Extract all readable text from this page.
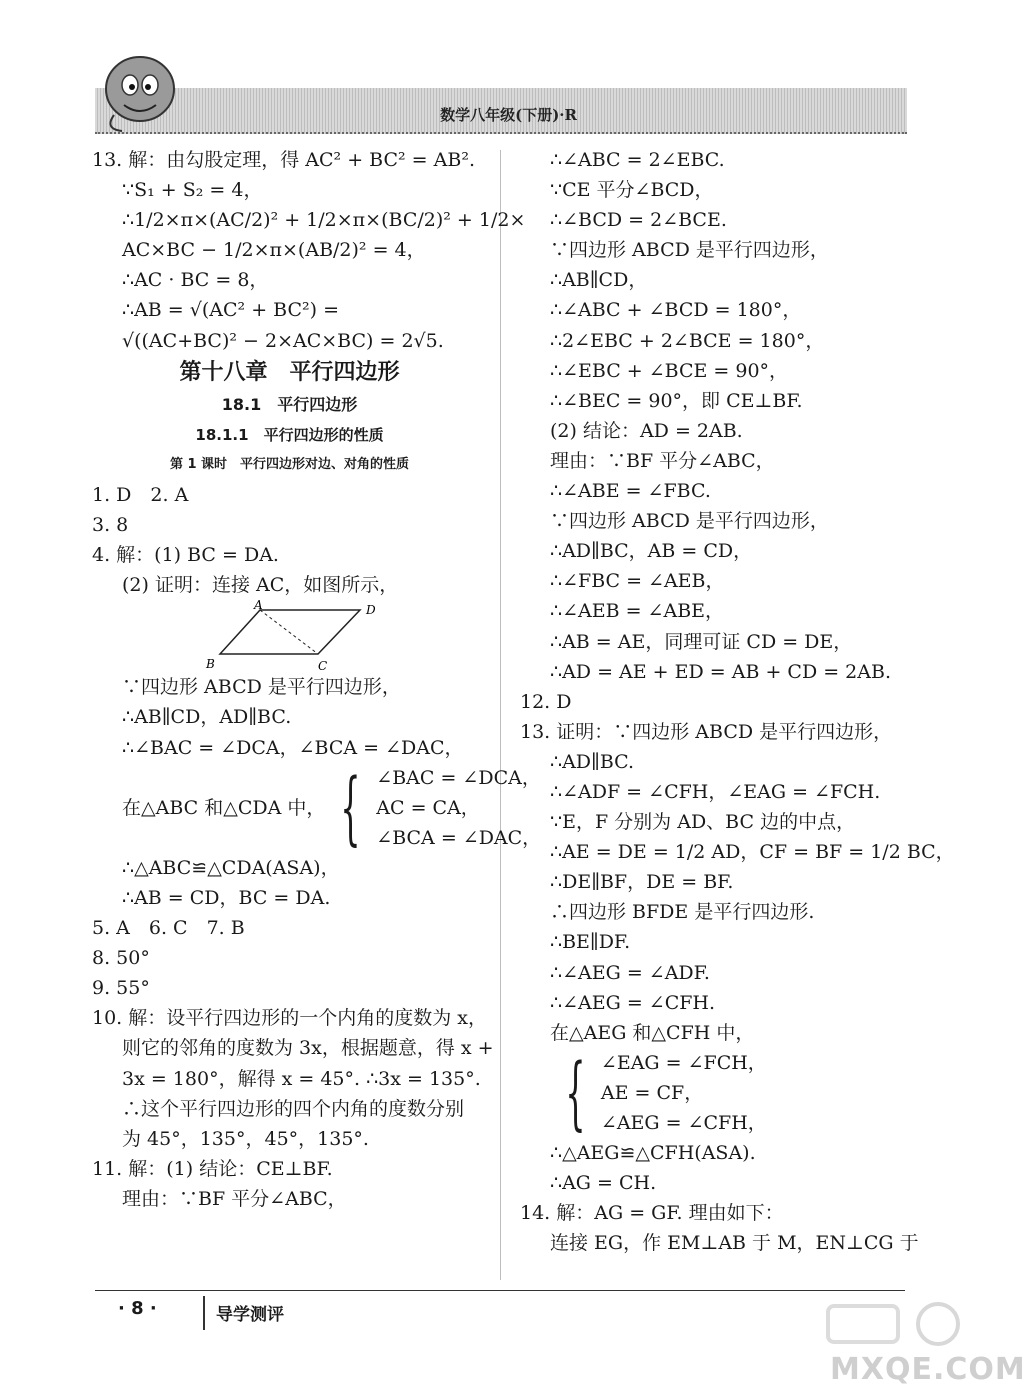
数学八年级(下册)·R
13. 解：由勾股定理，得 AC² + BC² = AB².
∵S₁ + S₂ = 4，
∴1/2×π×(AC/2)² + 1/2×π×(BC/2)² + 1/2×
AC×BC − 1/2×π×(AB/2)² = 4，
∴AC · BC = 8，
∴AB = √(AC² + BC²) =
√((AC+BC)² − 2×AC×BC) = 2√5.
第十八章　平行四边形
18.1　平行四边形
18.1.1　平行四边形的性质
第 1 课时　平行四边形对边、对角的性质
1. D　2. A
3. 8
4. 解：(1) BC = DA.
(2) 证明：连接 AC，如图所示，
A	D
B	C
∵四边形 ABCD 是平行四边形，
∴AB∥CD，AD∥BC.
∴∠BAC = ∠DCA，∠BCA = ∠DAC，
在△ABC 和△CDA 中， { ∠BAC = ∠DCA，
AC = CA，
∠BCA = ∠DAC，
∴△ABC≌△CDA(ASA)，
∴AB = CD，BC = DA.
5. A　6. C　7. B
8. 50°
9. 55°
10. 解：设平行四边形的一个内角的度数为 x，
则它的邻角的度数为 3x，根据题意，得 x +
3x = 180°，解得 x = 45°. ∴3x = 135°.
∴这个平行四边形的四个内角的度数分别
为 45°，135°，45°，135°.
11. 解：(1) 结论：CE⊥BF.
理由：∵BF 平分∠ABC，
∴∠ABC = 2∠EBC.
∵CE 平分∠BCD，
∴∠BCD = 2∠BCE.
∵四边形 ABCD 是平行四边形，
∴AB∥CD，
∴∠ABC + ∠BCD = 180°，
∴2∠EBC + 2∠BCE = 180°，
∴∠EBC + ∠BCE = 90°，
∴∠BEC = 90°，即 CE⊥BF.
(2) 结论：AD = 2AB.
理由：∵BF 平分∠ABC，
∴∠ABE = ∠FBC.
∵四边形 ABCD 是平行四边形，
∴AD∥BC，AB = CD，
∴∠FBC = ∠AEB，
∴∠AEB = ∠ABE，
∴AB = AE，同理可证 CD = DE，
∴AD = AE + ED = AB + CD = 2AB.
12. D
13. 证明：∵四边形 ABCD 是平行四边形，
∴AD∥BC.
∴∠ADF = ∠CFH，∠EAG = ∠FCH.
∵E，F 分别为 AD、BC 边的中点，
∴AE = DE = 1/2 AD，CF = BF = 1/2 BC，
∴DE∥BF，DE = BF.
∴四边形 BFDE 是平行四边形.
∴BE∥DF.
∴∠AEG = ∠ADF.
∴∠AEG = ∠CFH.
在△AEG 和△CFH 中，
{ ∠EAG = ∠FCH，
AE = CF，
∠AEG = ∠CFH，
∴△AEG≌△CFH(ASA).
∴AG = CH.
14. 解：AG = GF. 理由如下：
连接 EG，作 EM⊥AB 于 M，EN⊥CG 于
· 8 ·	导学测评
MXQE.COM
